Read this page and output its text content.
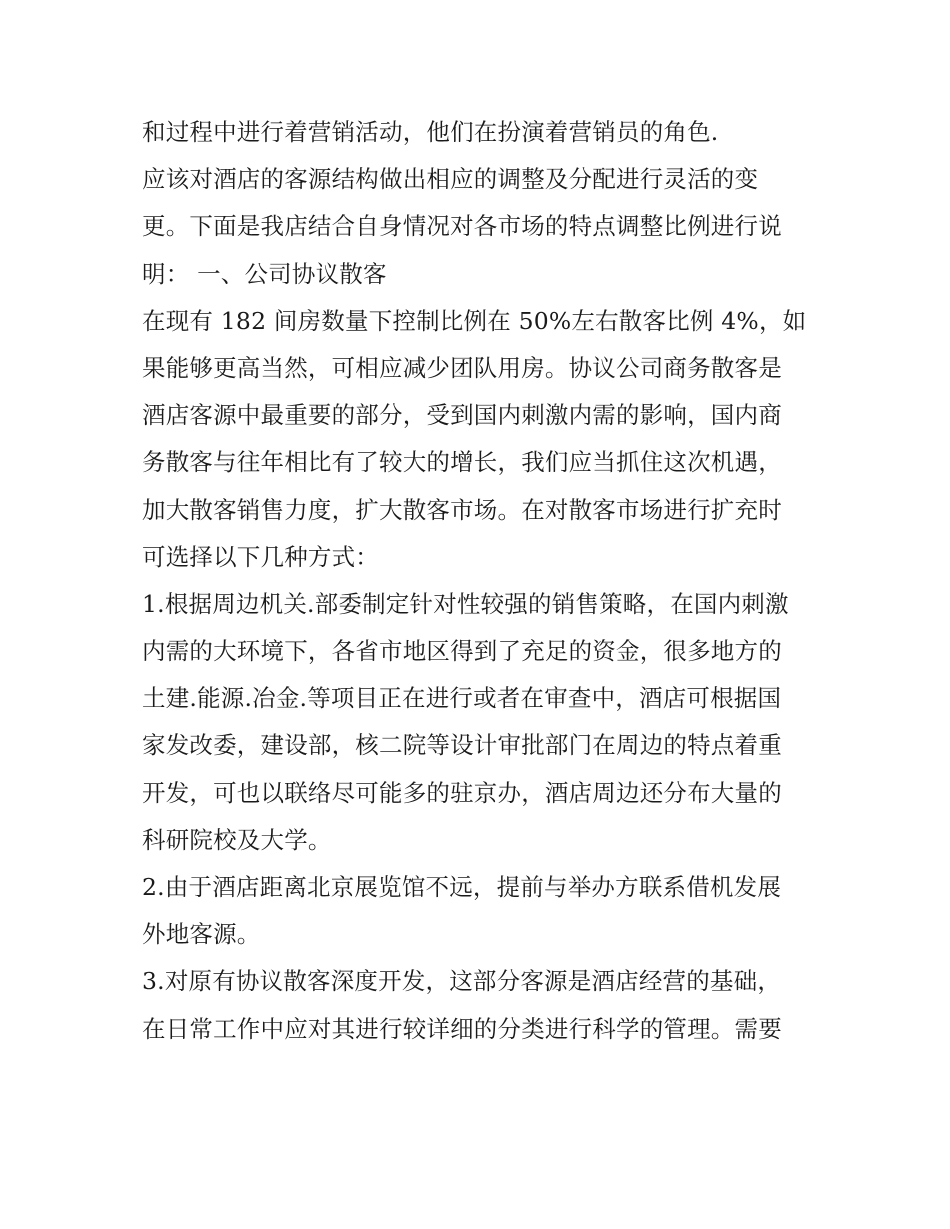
和过程中进行着营销活动，他们在扮演着营销员的角色.
应该对酒店的客源结构做出相应的调整及分配进行灵活的变
更。下面是我店结合自身情况对各市场的特点调整比例进行说
明： 一、公司协议散客
在现有 182 间房数量下控制比例在 50%左右散客比例 4%，如
果能够更高当然，可相应减少团队用房。协议公司商务散客是
酒店客源中最重要的部分，受到国内刺激内需的影响，国内商
务散客与往年相比有了较大的增长，我们应当抓住这次机遇，
加大散客销售力度，扩大散客市场。在对散客市场进行扩充时
可选择以下几种方式：
1.根据周边机关.部委制定针对性较强的销售策略，在国内刺激
内需的大环境下，各省市地区得到了充足的资金，很多地方的
土建.能源.冶金.等项目正在进行或者在审查中，酒店可根据国
家发改委，建设部，核二院等设计审批部门在周边的特点着重
开发，可也以联络尽可能多的驻京办，酒店周边还分布大量的
科研院校及大学。
2.由于酒店距离北京展览馆不远，提前与举办方联系借机发展
外地客源。
3.对原有协议散客深度开发，这部分客源是酒店经营的基础，
在日常工作中应对其进行较详细的分类进行科学的管理。需要
